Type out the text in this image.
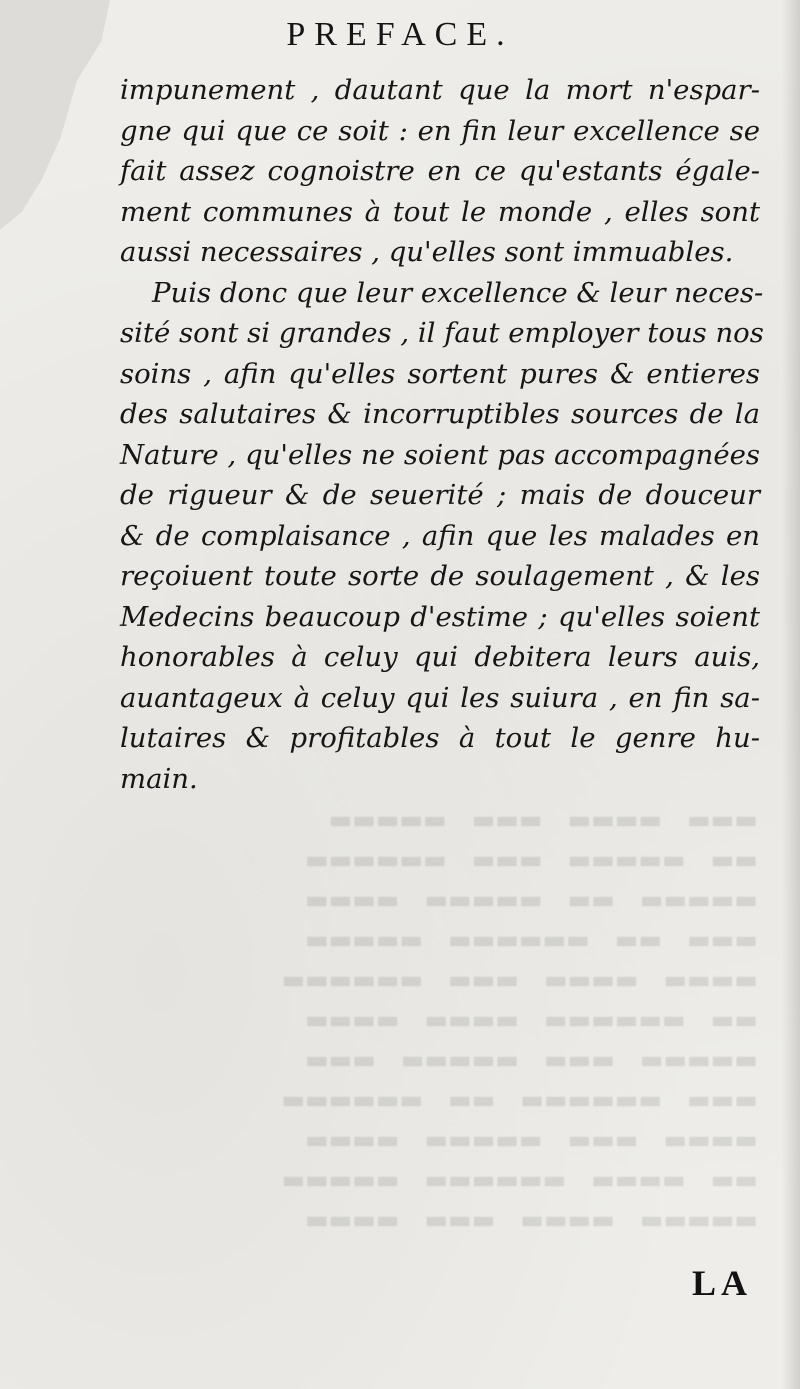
PREFACE.
impunement , dautant que la mort n'espar-
gne qui que ce soit : en fin leur excellence se
fait assez cognoistre en ce qu'estants égale-
ment communes à tout le monde , elles sont
aussi necessaires , qu'elles sont immuables.
Puis donc que leur excellence & leur neces-
sité sont si grandes , il faut employer tous nos
soins , afin qu'elles sortent pures & entieres
des salutaires & incorruptibles sources de la
Nature , qu'elles ne soient pas accompagnées
de rigueur & de seuerité ; mais de douceur
& de complaisance , afin que les malades en
reçoiuent toute sorte de soulagement , & les
Medecins beaucoup d'estime ; qu'elles soient
honorables à celuy qui debitera leurs auis,
auantageux à celuy qui les suiura , en fin sa-
lutaires & profitables à tout le genre hu-
main.
▬▬▬ ▬▬▬▬ ▬▬▬ ▬▬▬▬▬
▬▬ ▬▬▬▬▬ ▬▬▬ ▬▬▬▬▬▬
▬▬▬▬▬ ▬▬ ▬▬▬▬▬ ▬▬▬▬
▬▬▬ ▬▬ ▬▬▬▬▬▬ ▬▬▬▬▬
▬▬▬▬ ▬▬▬▬ ▬▬▬ ▬▬▬▬▬▬
▬▬ ▬▬▬▬▬▬ ▬▬▬▬ ▬▬▬▬
▬▬▬▬▬ ▬▬▬ ▬▬▬▬▬ ▬▬▬
▬▬▬ ▬▬▬▬▬▬ ▬▬ ▬▬▬▬▬▬
▬▬▬▬ ▬▬▬ ▬▬▬▬▬ ▬▬▬▬
▬▬ ▬▬▬▬ ▬▬▬▬▬▬ ▬▬▬▬▬
▬▬▬▬▬ ▬▬▬▬ ▬▬▬ ▬▬▬▬
LA
